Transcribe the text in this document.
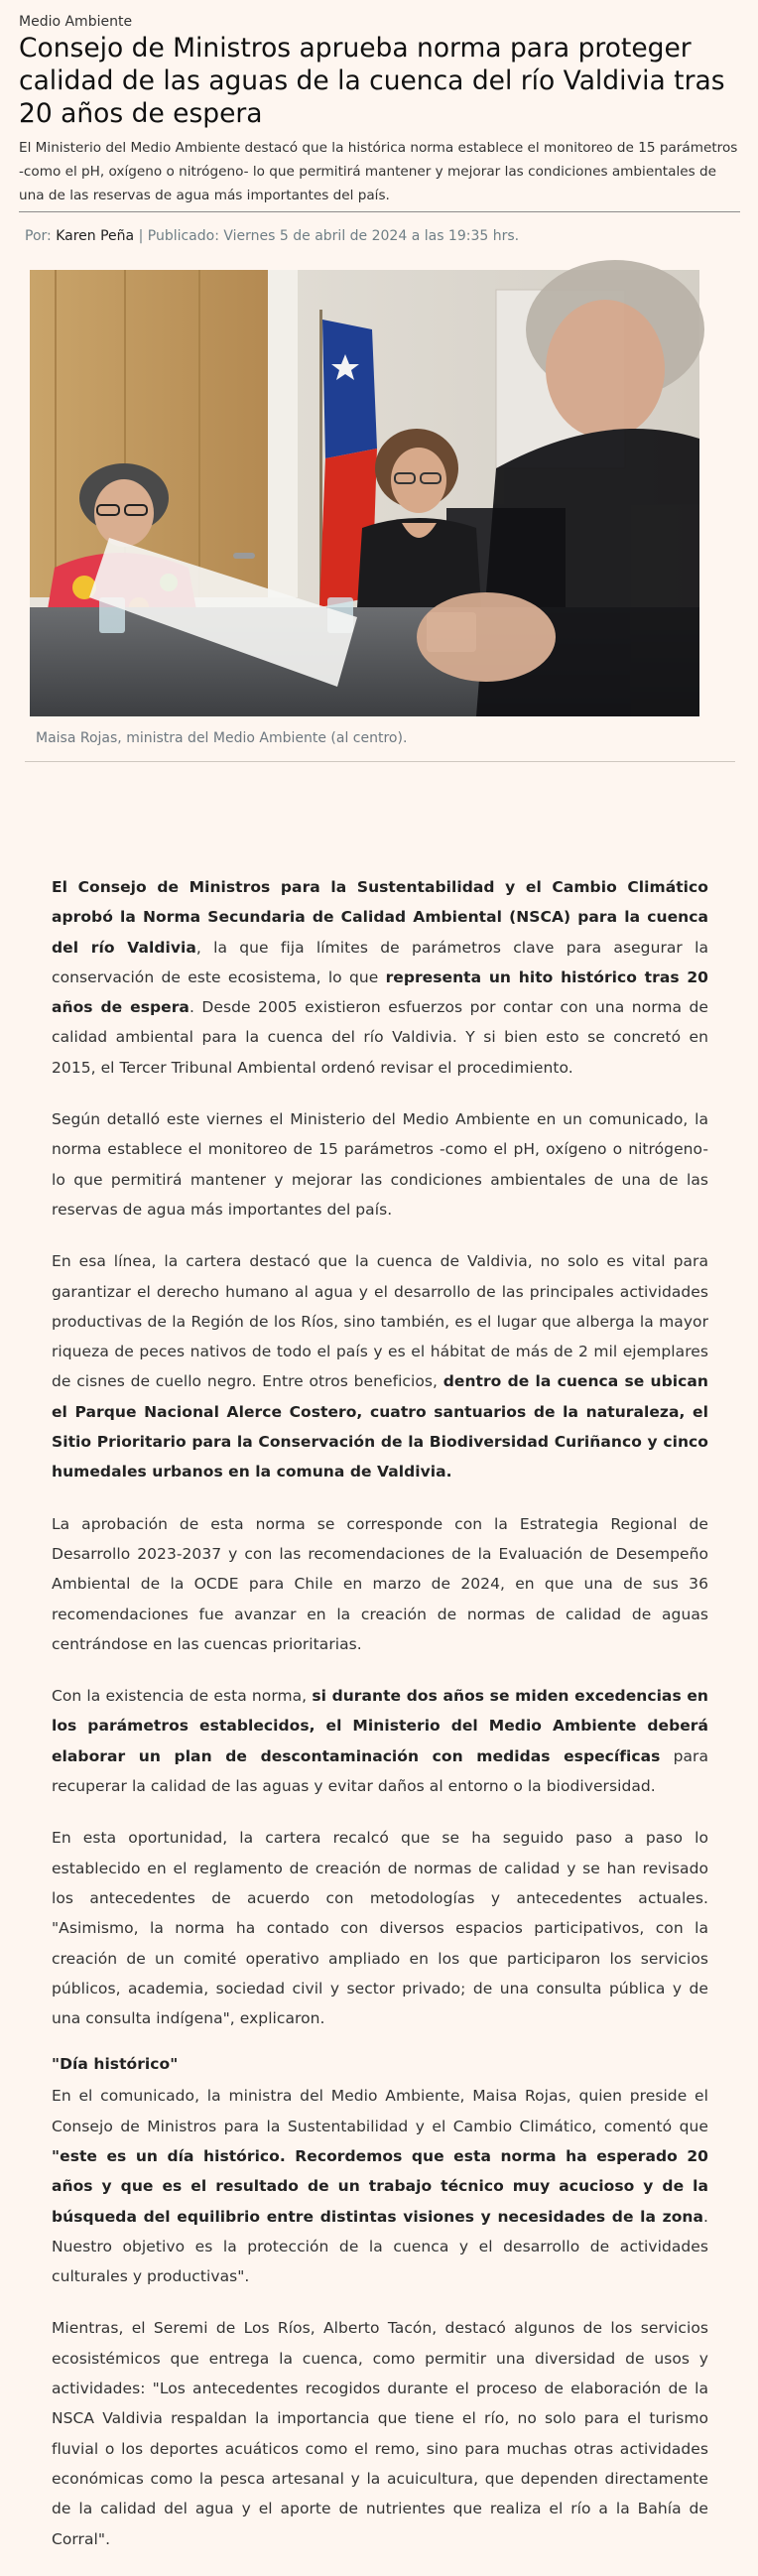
Medio Ambiente
Consejo de Ministros aprueba norma para proteger calidad de las aguas de la cuenca del río Valdivia tras 20 años de espera
El Ministerio del Medio Ambiente destacó que la histórica norma establece el monitoreo de 15 parámetros -como el pH, oxígeno o nitrógeno- lo que permitirá mantener y mejorar las condiciones ambientales de una de las reservas de agua más importantes del país.
Por: Karen Peña | Publicado: Viernes 5 de abril de 2024 a las 19:35 hrs.
Maisa Rojas, ministra del Medio Ambiente (al centro).

El Consejo de Ministros para la Sustentabilidad y el Cambio Climático aprobó la Norma Secundaria de Calidad Ambiental (NSCA) para la cuenca del río Valdivia, la que fija límites de parámetros clave para asegurar la conservación de este ecosistema, lo que representa un hito histórico tras 20 años de espera. Desde 2005 existieron esfuerzos por contar con una norma de calidad ambiental para la cuenca del río Valdivia. Y si bien esto se concretó en 2015, el Tercer Tribunal Ambiental ordenó revisar el procedimiento.

Según detalló este viernes el Ministerio del Medio Ambiente en un comunicado, la norma establece el monitoreo de 15 parámetros -como el pH, oxígeno o nitrógeno- lo que permitirá mantener y mejorar las condiciones ambientales de una de las reservas de agua más importantes del país.

En esa línea, la cartera destacó que la cuenca de Valdivia, no solo es vital para garantizar el derecho humano al agua y el desarrollo de las principales actividades productivas de la Región de los Ríos, sino también, es el lugar que alberga la mayor riqueza de peces nativos de todo el país y es el hábitat de más de 2 mil ejemplares de cisnes de cuello negro. Entre otros beneficios, dentro de la cuenca se ubican el Parque Nacional Alerce Costero, cuatro santuarios de la naturaleza, el Sitio Prioritario para la Conservación de la Biodiversidad Curiñanco y cinco humedales urbanos en la comuna de Valdivia.

La aprobación de esta norma se corresponde con la Estrategia Regional de Desarrollo 2023-2037 y con las recomendaciones de la Evaluación de Desempeño Ambiental de la OCDE para Chile en marzo de 2024, en que una de sus 36 recomendaciones fue avanzar en la creación de normas de calidad de aguas centrándose en las cuencas prioritarias.

Con la existencia de esta norma, si durante dos años se miden excedencias en los parámetros establecidos, el Ministerio del Medio Ambiente deberá elaborar un plan de descontaminación con medidas específicas para recuperar la calidad de las aguas y evitar daños al entorno o la biodiversidad.

En esta oportunidad, la cartera recalcó que se ha seguido paso a paso lo establecido en el reglamento de creación de normas de calidad y se han revisado los antecedentes de acuerdo con metodologías y antecedentes actuales. "Asimismo, la norma ha contado con diversos espacios participativos, con la creación de un comité operativo ampliado en los que participaron los servicios públicos, academia, sociedad civil y sector privado; de una consulta pública y de una consulta indígena", explicaron.

"Día histórico"

En el comunicado, la ministra del Medio Ambiente, Maisa Rojas, quien preside el Consejo de Ministros para la Sustentabilidad y el Cambio Climático, comentó que "este es un día histórico. Recordemos que esta norma ha esperado 20 años y que es el resultado de un trabajo técnico muy acucioso y de la búsqueda del equilibrio entre distintas visiones y necesidades de la zona. Nuestro objetivo es la protección de la cuenca y el desarrollo de actividades culturales y productivas".

Mientras, el Seremi de Los Ríos, Alberto Tacón, destacó algunos de los servicios ecosistémicos que entrega la cuenca, como permitir una diversidad de usos y actividades: "Los antecedentes recogidos durante el proceso de elaboración de la NSCA Valdivia respaldan la importancia que tiene el río, no solo para el turismo fluvial o los deportes acuáticos como el remo, sino para muchas otras actividades económicas como la pesca artesanal y la acuicultura, que dependen directamente de la calidad del agua y el aporte de nutrientes que realiza el río a la Bahía de Corral".
